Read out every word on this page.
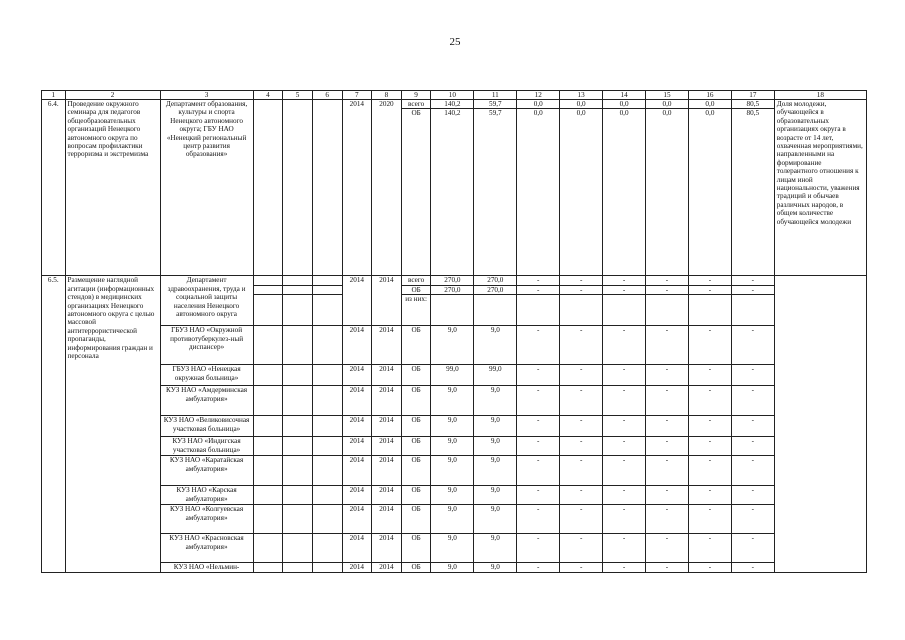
25
1	2	3	4	5	6	7	8	9	10	11	12	13	14	15	16	17	18
6.4.	Проведение окружного семинара для педагогов общеобразовательных организаций Ненецкого автономного округа по вопросам профилактики терроризма и экстремизма	Департамент образования, культуры и спорта Ненецкого автономного округа; ГБУ НАО «Ненецкий региональный центр развития образования»				2014	2020	всего	140,2	59,7	0,0	0,0	0,0	0,0	0,0	80,5	Доля молодежи, обучающейся в образовательных организациях округа в возрасте от 14 лет, охваченная мероприятиями, направленными на формирование толерантного отношения к лицам иной национальности, уважения традиций и обычаев различных народов, в общем количестве обучающейся молодежи
								ОБ	140,2	59,7	0,0	0,0	0,0	0,0	0,0	80,5	
6.5.	Размещение наглядной агитации (информационных стендов) в медицинских организациях Ненецкого автономного округа с целью массовой антитеррористической пропаганды, информирования граждан и персонала	Департамент здравоохранения, труда и социальной защиты населения Ненецкого автономного округа				2014	2014	всего	270,0	270,0	-	-	-	-	-	-	
								ОБ	270,0	270,0	-	-	-	-	-	-	
								из них:									
		ГБУЗ НАО «Окружной противотуберкулез-ный диспансер»				2014	2014	ОБ	9,0	9,0	-	-	-	-	-	-	
		ГБУЗ НАО «Ненецкая окружная больница»				2014	2014	ОБ	99,0	99,0	-	-	-	-	-	-	
		КУЗ НАО «Амдерминская амбулатория»				2014	2014	ОБ	9,0	9,0	-	-	-	-	-	-	
		КУЗ НАО «Великовисочная участковая больница»				2014	2014	ОБ	9,0	9,0	-	-	-	-	-	-	
		КУЗ НАО «Индигская участковая больница»				2014	2014	ОБ	9,0	9,0	-	-	-	-	-	-	
		КУЗ НАО «Каратайская амбулатория»				2014	2014	ОБ	9,0	9,0	-	-	-	-	-	-	
		КУЗ НАО «Карская амбулатория»				2014	2014	ОБ	9,0	9,0	-	-	-	-	-	-	
		КУЗ НАО «Колгуевская амбулатория»				2014	2014	ОБ	9,0	9,0	-	-	-	-	-	-	
		КУЗ НАО «Красновская амбулатория»				2014	2014	ОБ	9,0	9,0	-	-	-	-	-	-	
		КУЗ НАО «Нельмин-				2014	2014	ОБ	9,0	9,0	-	-	-	-	-	-	
